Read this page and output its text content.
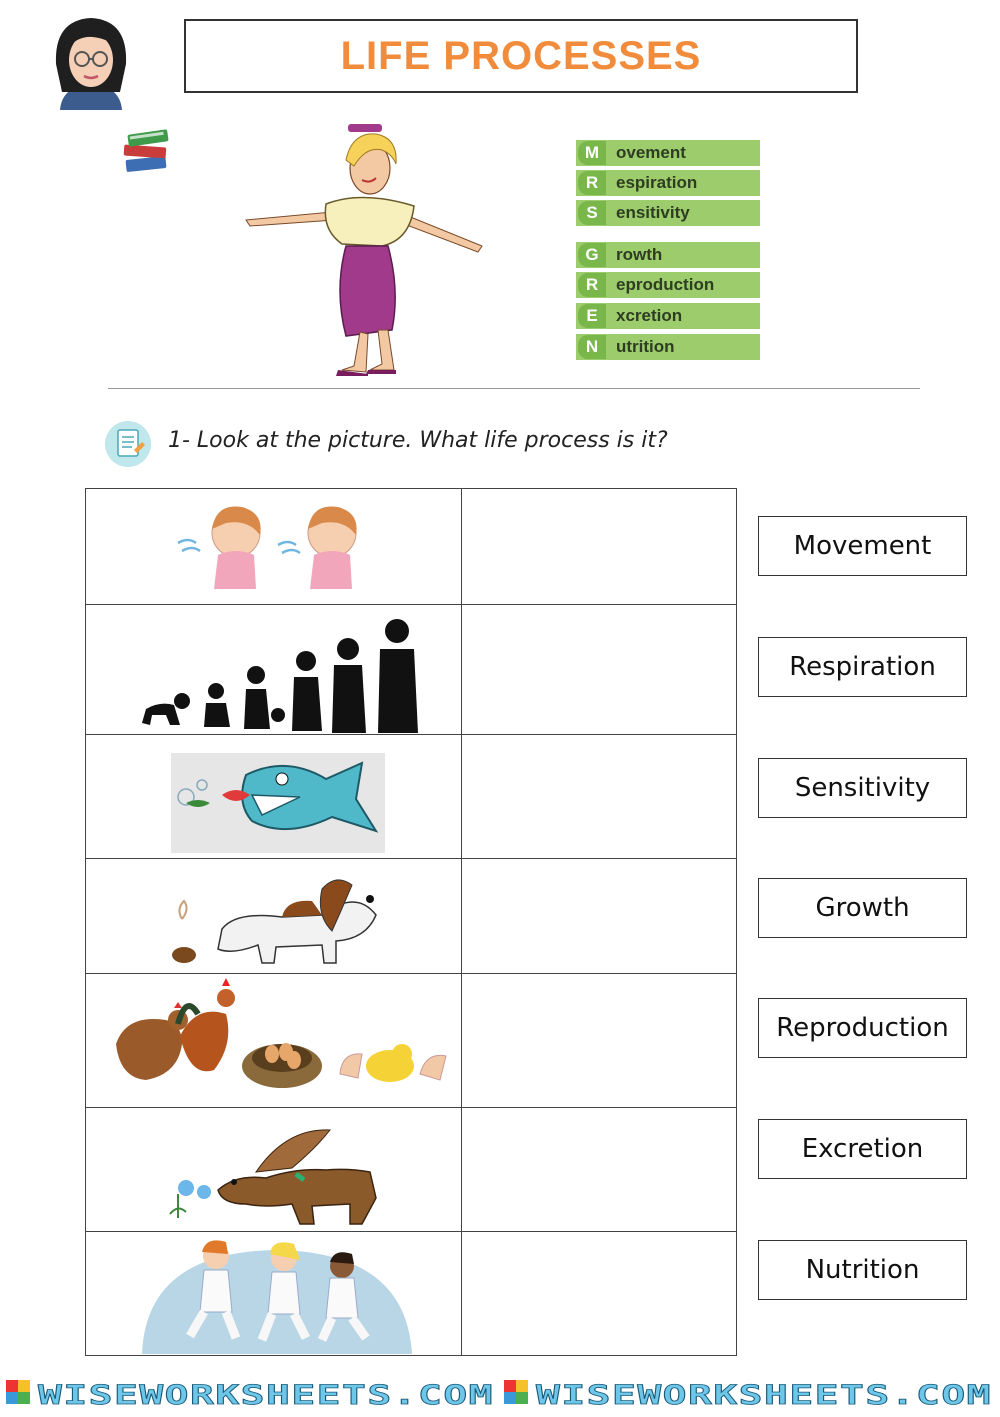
LIFE PROCESSES
M ovement
R	espiration
S	ensitivity
G	rowth
R	eproduction
E	xcretion
N	utrition
1- Look at the picture. What life process is it?

Movement
Respiration
Sensitivity
Growth
Reproduction
Excretion
Nutrition
WISEWORKSHEETS.COM WISEWORKSHEETS.COM
